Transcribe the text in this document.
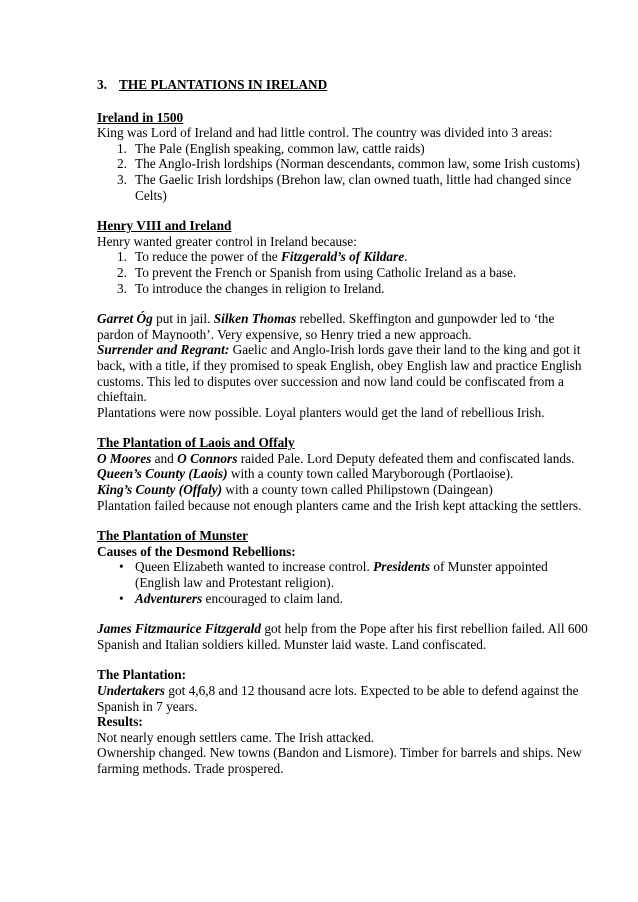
3. THE PLANTATIONS IN IRELAND
Ireland in 1500

King was Lord of Ireland and had little control. The country was divided into 3 areas:

1. The Pale (English speaking, common law, cattle raids)
2. The Anglo-Irish lordships (Norman descendants, common law, some Irish customs)
3. The Gaelic Irish lordships (Brehon law, clan owned tuath, little had changed since Celts)
Henry VIII and Ireland

Henry wanted greater control in Ireland because:

1. To reduce the power of the Fitzgerald’s of Kildare.
2. To prevent the French or Spanish from using Catholic Ireland as a base.
3. To introduce the changes in religion to Ireland.

Garret Óg put in jail. Silken Thomas rebelled. Skeffington and gunpowder led to ‘the pardon of Maynooth’. Very expensive, so Henry tried a new approach.

Surrender and Regrant: Gaelic and Anglo-Irish lords gave their land to the king and got it back, with a title, if they promised to speak English, obey English law and practice English customs. This led to disputes over succession and now land could be confiscated from a chieftain.

Plantations were now possible. Loyal planters would get the land of rebellious Irish.

The Plantation of Laois and Offaly

O Moores and O Connors raided Pale. Lord Deputy defeated them and confiscated lands.

Queen’s County (Laois) with a county town called Maryborough (Portlaoise).

King’s County (Offaly) with a county town called Philipstown (Daingean)

Plantation failed because not enough planters came and the Irish kept attacking the settlers.

The Plantation of Munster
Causes of the Desmond Rebellions:
• Queen Elizabeth wanted to increase control. Presidents of Munster appointed (English law and Protestant religion).
• Adventurers encouraged to claim land.

James Fitzmaurice Fitzgerald got help from the Pope after his first rebellion failed. All 600 Spanish and Italian soldiers killed. Munster laid waste. Land confiscated.

The Plantation:

Undertakers got 4,6,8 and 12 thousand acre lots. Expected to be able to defend against the Spanish in 7 years.

Results:

Not nearly enough settlers came. The Irish attacked.

Ownership changed. New towns (Bandon and Lismore). Timber for barrels and ships. New farming methods. Trade prospered.
